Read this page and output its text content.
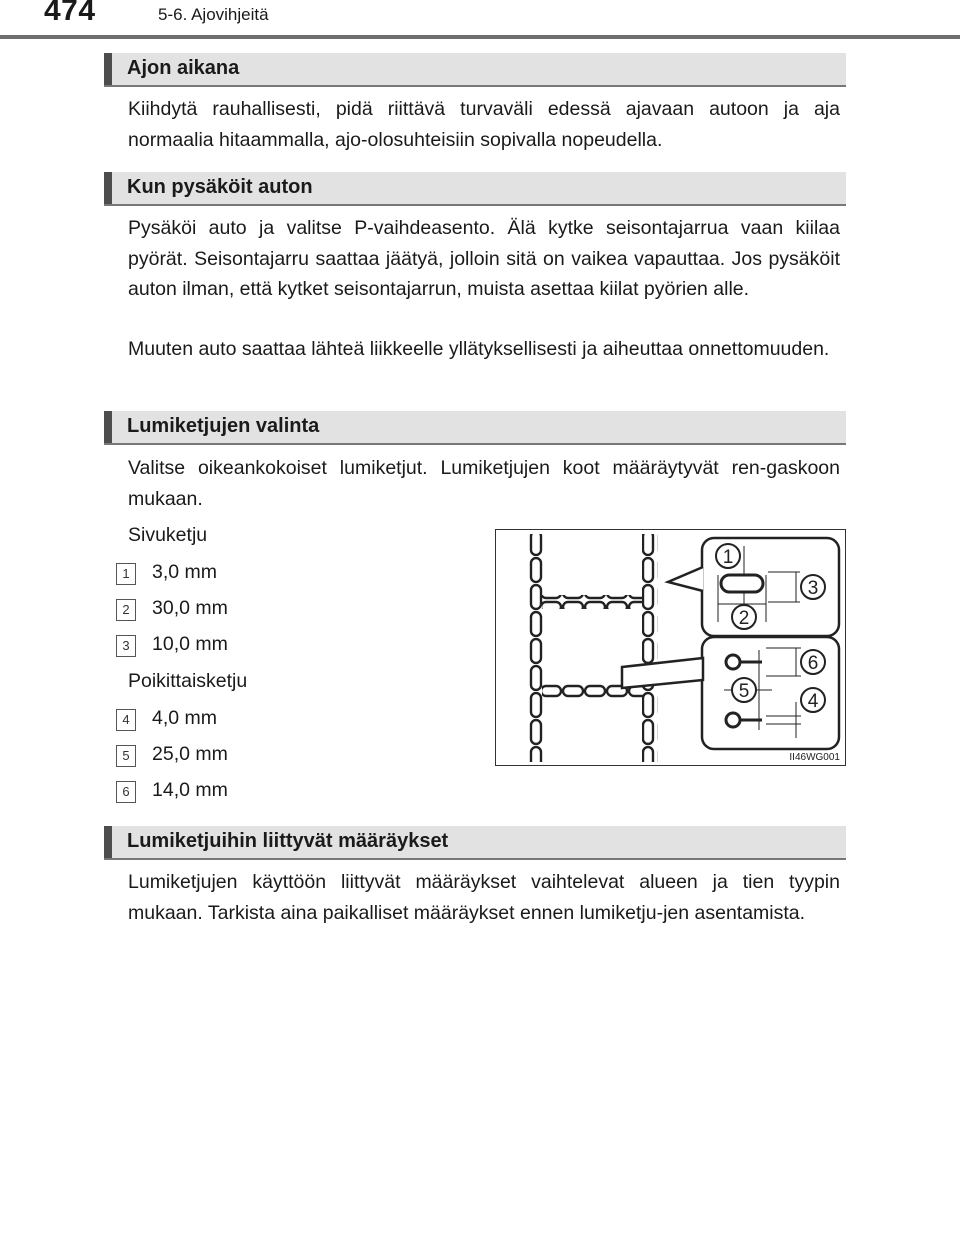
474	5-6. Ajovihjeitä
Ajon aikana

Kiihdytä rauhallisesti, pidä riittävä turvaväli edessä ajavaan autoon ja aja normaalia hitaammalla, ajo-olosuhteisiin sopivalla nopeudella.

Kun pysäköit auton

Pysäköi auto ja valitse P-vaihdeasento. Älä kytke seisontajarrua vaan kiilaa pyörät. Seisontajarru saattaa jäätyä, jolloin sitä on vaikea vapauttaa. Jos pysäköit auton ilman, että kytket seisontajarrun, muista asettaa kiilat pyörien alle.

Muuten auto saattaa lähteä liikkeelle yllätyksellisesti ja aiheuttaa onnettomuuden.

Lumiketjujen valinta

Valitse oikeankokoiset lumiketjut. Lumiketjujen koot määräytyvät ren-gaskoon mukaan.

Sivuketju
1	3,0 mm
2	30,0 mm
3	10,0 mm
Poikittaisketju
4	4,0 mm
5	25,0 mm
6	14,0 mm
1
2
3
4
5
6
II46WG001
Lumiketjuihin liittyvät määräykset

Lumiketjujen käyttöön liittyvät määräykset vaihtelevat alueen ja tien tyypin mukaan. Tarkista aina paikalliset määräykset ennen lumiketju-jen asentamista.
